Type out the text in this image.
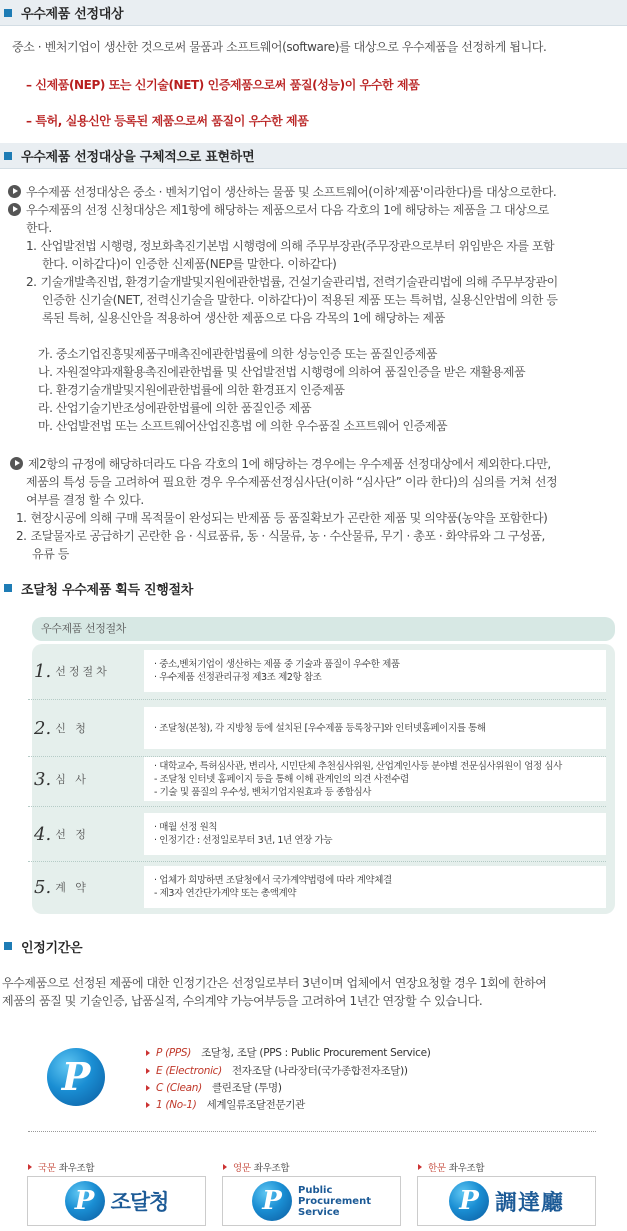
우수제품 선정대상
중소 · 벤처기업이 생산한 것으로써 물품과 소프트웨어(software)를 대상으로 우수제품을 선정하게 됩니다.
– 신제품(NEP) 또는 신기술(NET) 인증제품으로써 품질(성능)이 우수한 제품
– 특허, 실용신안 등록된 제품으로써 품질이 우수한 제품
우수제품 선정대상을 구체적으로 표현하면
우수제품 선정대상은 중소 · 벤처기업이 생산하는 물품 및 소프트웨어(이하'제품'이라한다)를 대상으로한다.
우수제품의 선정 신청대상은 제1항에 해당하는 제품으로서 다음 각호의 1에 해당하는 제품을 그 대상으로
한다.
1. 산업발전법 시행령, 정보화촉진기본법 시행령에 의해 주무부장관(주무장관으로부터 위임받은 자를 포함
한다. 이하같다)이 인증한 신제품(NEP를 말한다. 이하같다)
2. 기술개발촉진법, 환경기술개발및지원에관한법률, 건설기술관리법, 전력기술관리법에 의해 주무부장관이
인증한 신기술(NET, 전력신기술을 말한다. 이하같다)이 적용된 제품 또는 특허법, 실용신안법에 의한 등
록된 특허, 실용신안을 적용하여 생산한 제품으로 다음 각목의 1에 해당하는 제품
가. 중소기업진흥및제품구매촉진에관한법률에 의한 성능인증 또는 품질인증제품
나. 자원절약과재활용촉진에관한법률 및 산업발전법 시행령에 의하여 품질인증을 받은 재활용제품
다. 환경기술개발및지원에관한법률에 의한 환경표지 인증제품
라. 산업기술기반조성에관한법률에 의한 품질인증 제품
마. 산업발전법 또는 소프트웨어산업진흥법 에 의한 우수품질 소프트웨어 인증제품
제2항의 규정에 해당하더라도 다음 각호의 1에 해당하는 경우에는 우수제품 선정대상에서 제외한다.다만,
제품의 특성 등을 고려하여 필요한 경우 우수제품선정심사단(이하 “심사단” 이라 한다)의 심의를 거쳐 선정
여부를 결정 할 수 있다.
1. 현장시공에 의해 구매 목적물이 완성되는 반제품 등 품질확보가 곤란한 제품 및 의약품(농약을 포함한다)
2. 조달물자로 공급하기 곤란한 음 · 식료품류, 동 · 식물류, 농 · 수산물류, 무기 · 총포 · 화약류와 그 구성품,
유류 등
조달청 우수제품 획득 진행절차
우수제품 선정절차
1. 선정절차
· 중소,벤처기업이 생산하는 제품 중 기술과 품질이 우수한 제품
· 우수제품 선정관리규정 제3조 제2항 참조
2. 신 청	· 조달청(본청), 각 지방청 등에 설치된 [우수제품 등록창구]와 인터넷홈페이지를 통해
3. 심 사
· 대학교수, 특허심사관, 변리사, 시민단체 추천심사위원, 산업계인사등 분야별 전문심사위원이 엄정 심사
- 조달청 인터넷 홈페이지 등을 통해 이해 관계인의 의견 사전수렴
- 기술 및 품질의 우수성, 벤처기업지원효과 등 종합심사
4. 선 정
· 매월 선정 원칙
· 인정기간 : 선정일로부터 3년, 1년 연장 가능
5. 계 약
· 업체가 희망하면 조달청에서 국가계약법령에 따라 계약체결
- 제3자 연간단가계약 또는 총액계약
인정기간은
우수제품으로 선정된 제품에 대한 인정기간은 선정일로부터 3년이며 업체에서 연장요청할 경우 1회에 한하여
제품의 품질 및 기술인증, 납품실적, 수의계약 가능여부등을 고려하여 1년간 연장할 수 있습니다.
P
P (PPS) 조달청, 조달 (PPS : Public Procurement Service)
E (Electronic) 전자조달 (나라장터(국가종합전자조달))
C (Clean) 클린조달 (투명)
1 (No-1) 세계일류조달전문기관
국문 좌우조합	영문 좌우조합	한문 좌우조합
P 조달청	P	Public
Procurement
Service	P 調達廳
